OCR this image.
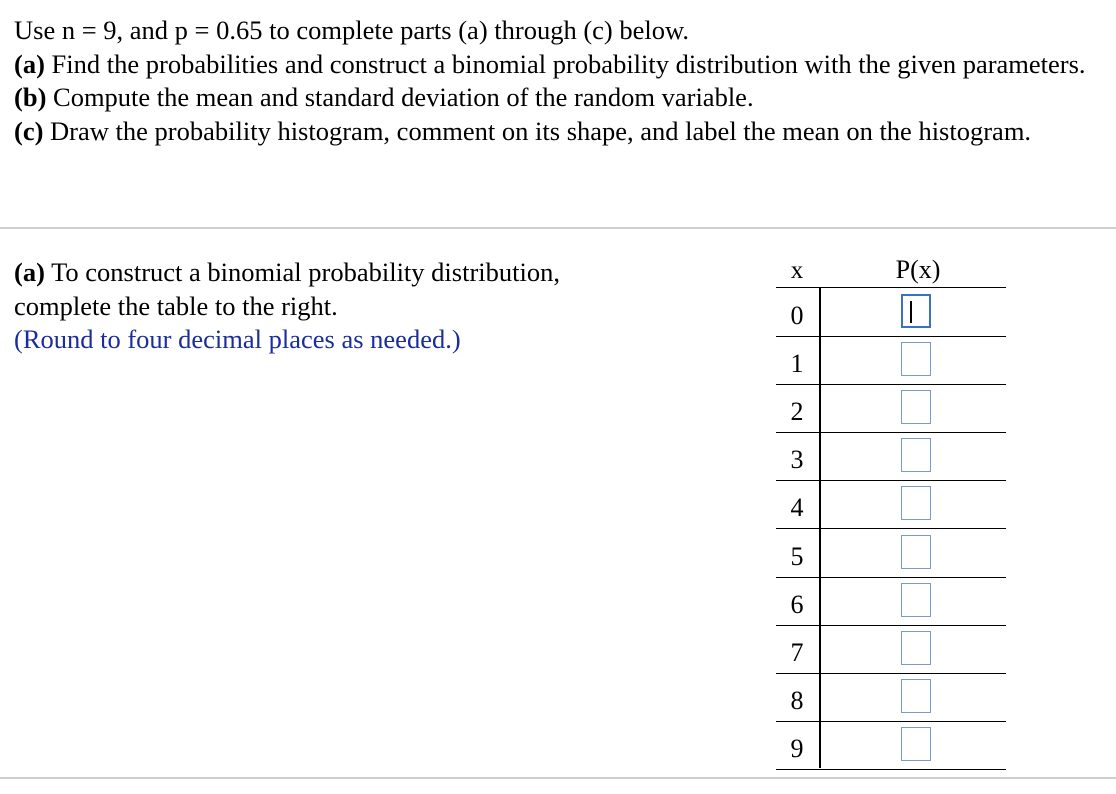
Use n = 9, and p = 0.65 to complete parts (a) through (c) below.

(a) Find the probabilities and construct a binomial probability distribution with the given parameters.

(b) Compute the mean and standard deviation of the random variable.

(c) Draw the probability histogram, comment on its shape, and label the mean on the histogram.

(a) To construct a binomial probability distribution,

complete the table to the right.

(Round to four decimal places as needed.)

x	P(x)
0
1
2
3
4
5
6
7
8
9
